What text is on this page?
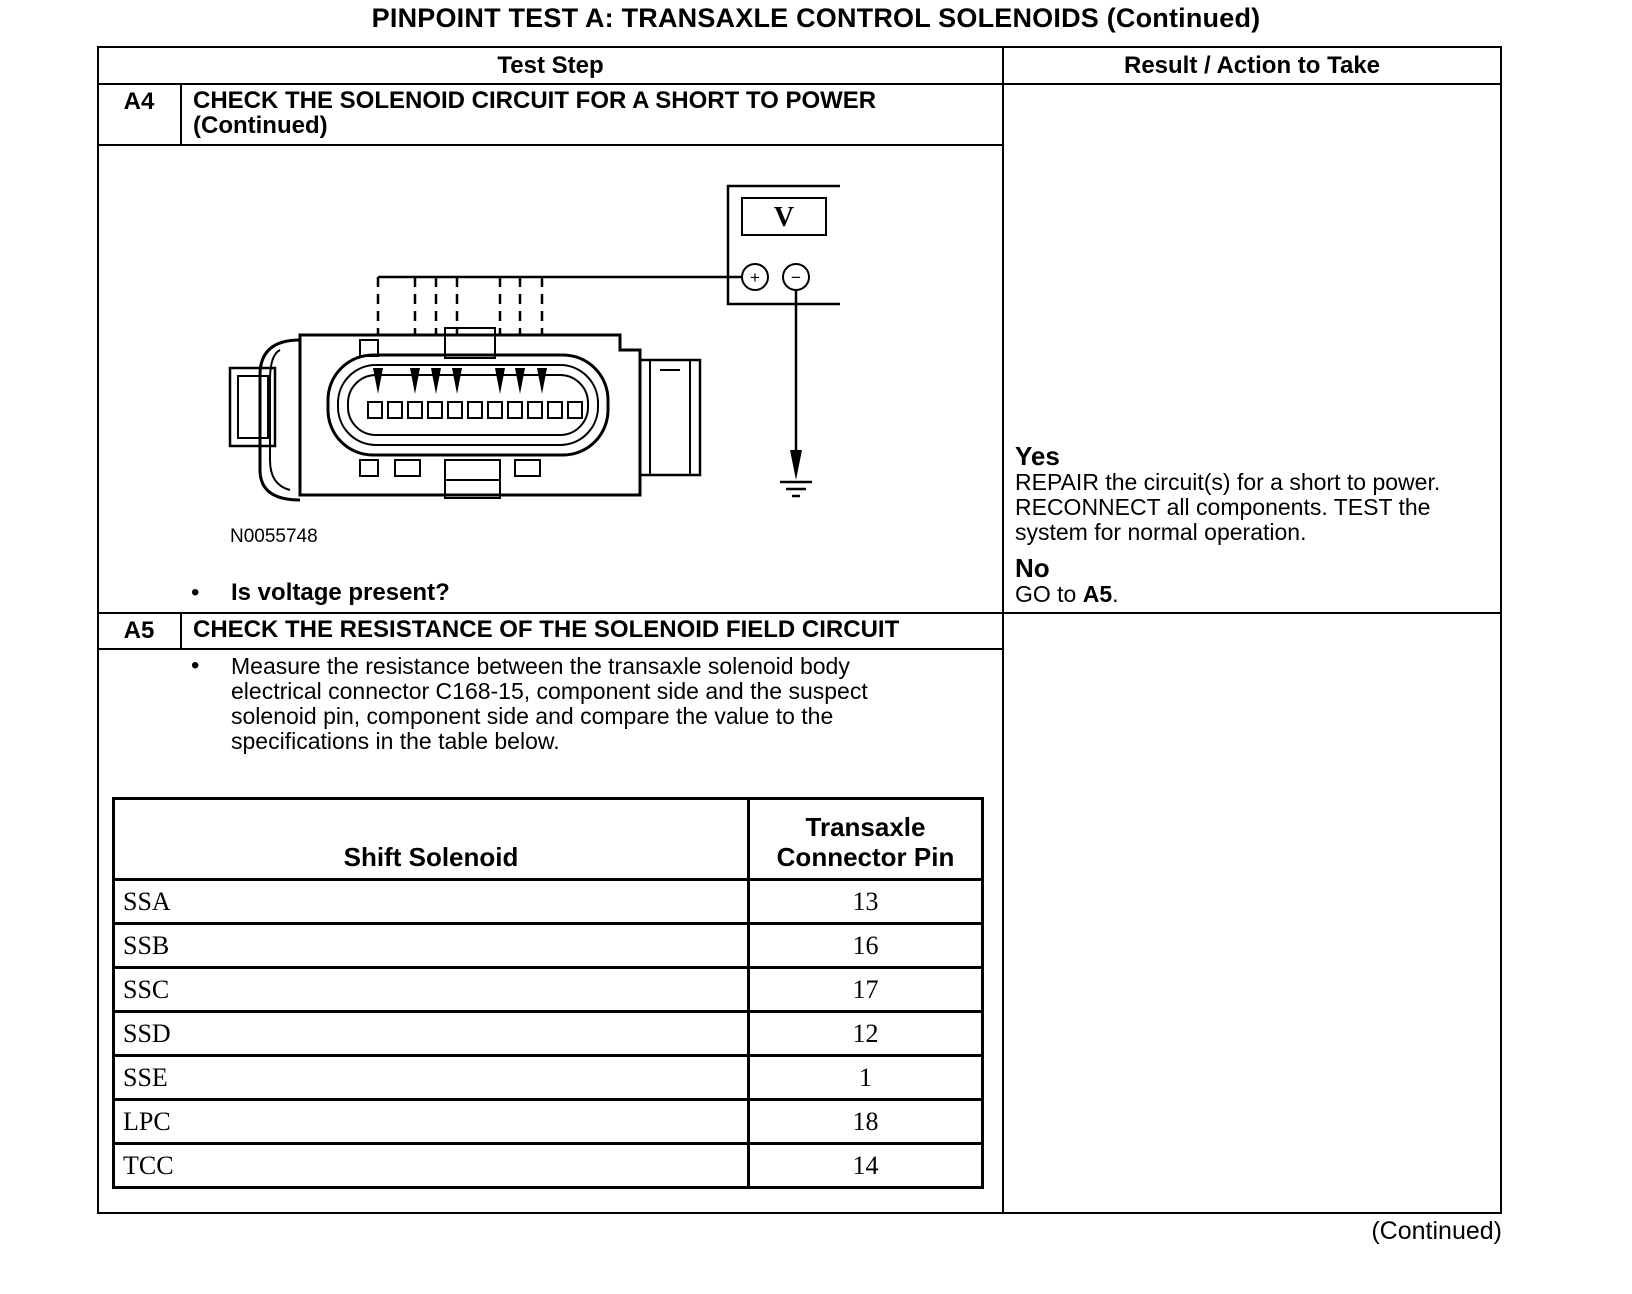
PINPOINT TEST A: TRANSAXLE CONTROL SOLENOIDS (Continued)
Test Step	Result / Action to Take
A4	CHECK THE SOLENOID CIRCUIT FOR A SHORT TO POWER
(Continued)
V
+ −
N0055748
• Is voltage present?
Yes
REPAIR the circuit(s) for a short to power.
RECONNECT all components. TEST the
system for normal operation.
No
GO to A5.
A5	CHECK THE RESISTANCE OF THE SOLENOID FIELD CIRCUIT
• Measure the resistance between the transaxle solenoid body
electrical connector C168-15, component side and the suspect
solenoid pin, component side and compare the value to the
specifications in the table below.
Shift Solenoid	Transaxle
Connector Pin
SSA	13
SSB	16
SSC	17
SSD	12
SSE	1
LPC	18
TCC	14
(Continued)
